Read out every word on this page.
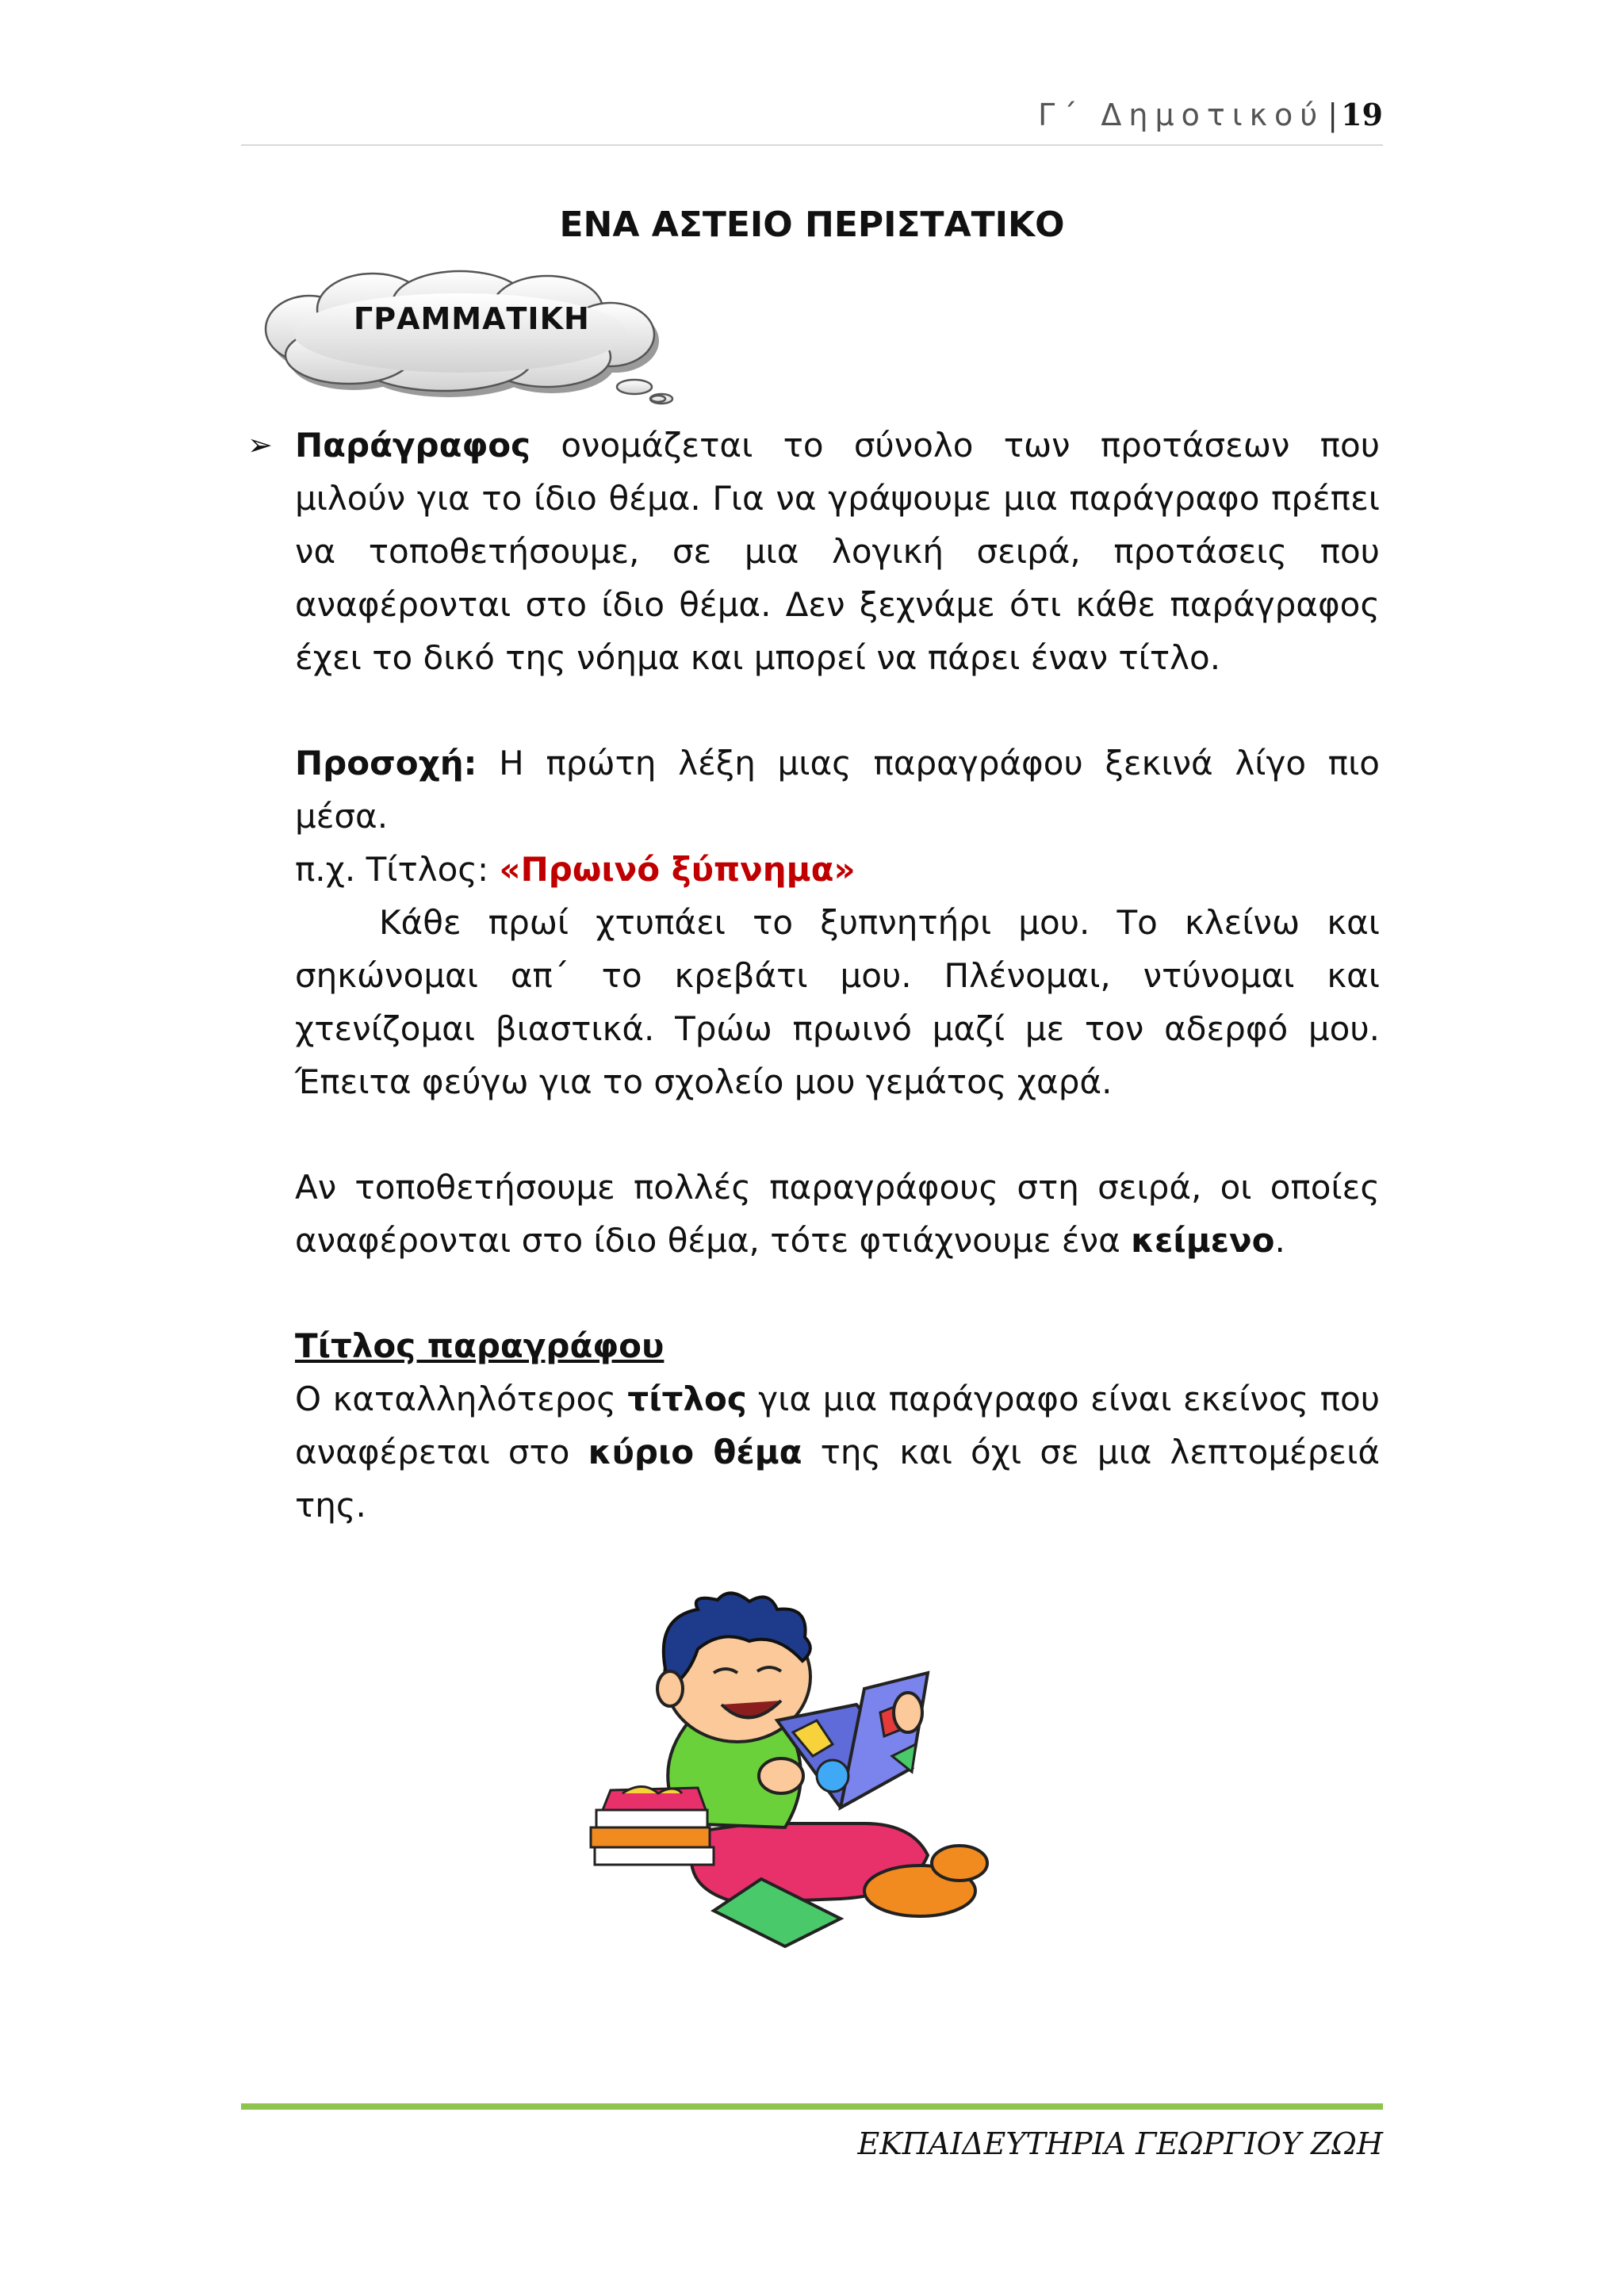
Γ΄ Δημοτικού | 19
ΕΝΑ ΑΣΤΕΙΟ ΠΕΡΙΣΤΑΤΙΚΟ
ΓΡΑΜΜΑΤΙΚΗ
➢ Παράγραφος ονομάζεται το σύνολο των προτάσεων που μιλούν για το ίδιο θέμα. Για να γράψουμε μια παράγραφο πρέπει να τοποθετήσουμε, σε μια λογική σειρά, προτάσεις που αναφέρονται στο ίδιο θέμα. Δεν ξεχνάμε ότι κάθε παράγραφος έχει το δικό της νόημα και μπορεί να πάρει έναν τίτλο.

Προσοχή: Η πρώτη λέξη μιας παραγράφου ξεκινά λίγο πιο μέσα.

π.χ. Τίτλος: «Πρωινό ξύπνημα»

Κάθε πρωί χτυπάει το ξυπνητήρι μου. Το κλείνω και σηκώνομαι απ΄ το κρεβάτι μου. Πλένομαι, ντύνομαι και χτενίζομαι βιαστικά. Τρώω πρωινό μαζί με τον αδερφό μου. Έπειτα φεύγω για το σχολείο μου γεμάτος χαρά.

Αν τοποθετήσουμε πολλές παραγράφους στη σειρά, οι οποίες αναφέρονται στο ίδιο θέμα, τότε φτιάχνουμε ένα κείμενο.

Τίτλος παραγράφου

Ο καταλληλότερος τίτλος για μια παράγραφο είναι εκείνος που αναφέρεται στο κύριο θέμα της και όχι σε μια λεπτομέρειά της.

ΕΚΠΑΙΔΕΥΤΗΡΙΑ ΓΕΩΡΓΙΟΥ ΖΩΗ
